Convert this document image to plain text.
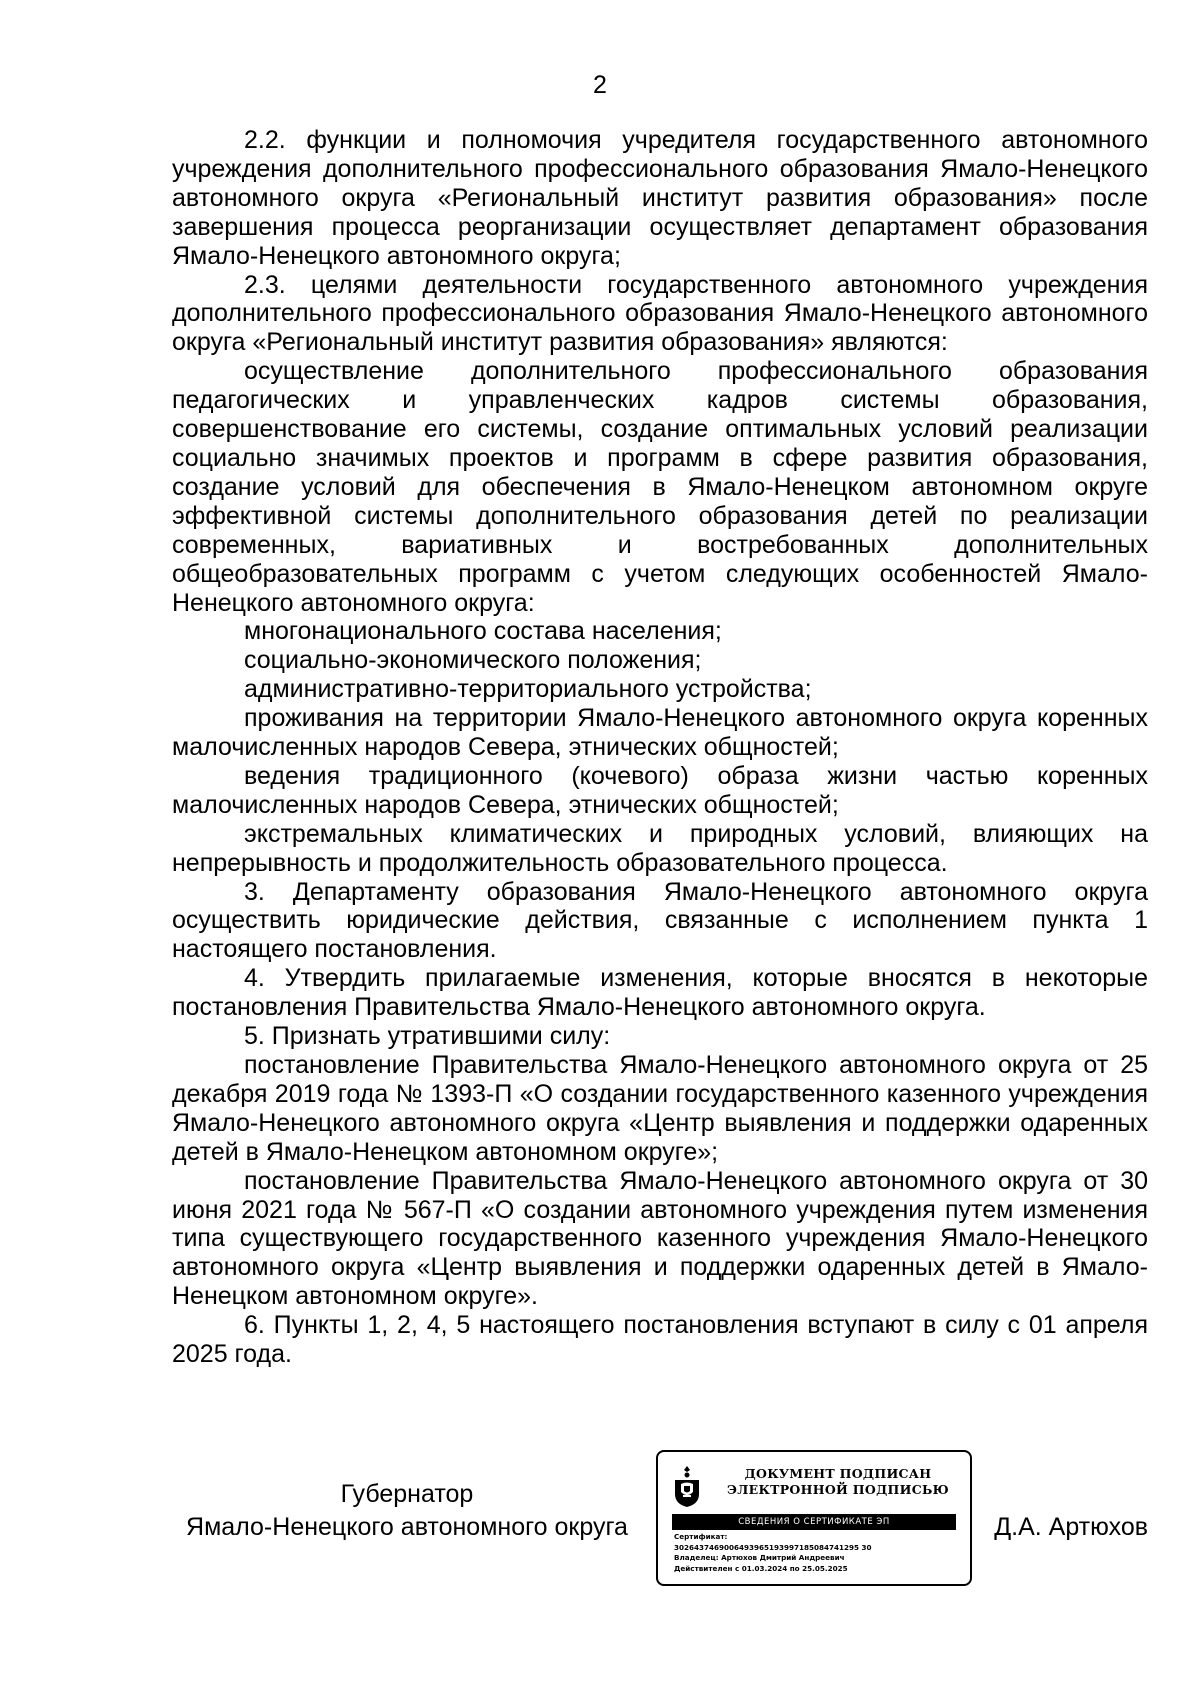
2

2.2. функции и полномочия учредителя государственного автономного учреждения дополнительного профессионального образования Ямало-Ненецкого автономного округа «Региональный институт развития образования» после завершения процесса реорганизации осуществляет департамент образования Ямало-Ненецкого автономного округа;

2.3. целями деятельности государственного автономного учреждения дополнительного профессионального образования Ямало-Ненецкого автономного округа «Региональный институт развития образования» являются:

осуществление дополнительного профессионального образования педагогических и управленческих кадров системы образования, совершенствование его системы, создание оптимальных условий реализации социально значимых проектов и программ в сфере развития образования, создание условий для обеспечения в Ямало-Ненецком автономном округе эффективной системы дополнительного образования детей по реализации современных, вариативных и востребованных дополнительных общеобразовательных программ с учетом следующих особенностей Ямало-Ненецкого автономного округа:

многонационального состава населения;

социально-экономического положения;

административно-территориального устройства;

проживания на территории Ямало-Ненецкого автономного округа коренных малочисленных народов Севера, этнических общностей;

ведения традиционного (кочевого) образа жизни частью коренных малочисленных народов Севера, этнических общностей;

экстремальных климатических и природных условий, влияющих на непрерывность и продолжительность образовательного процесса.

3. Департаменту образования Ямало-Ненецкого автономного округа осуществить юридические действия, связанные с исполнением пункта 1 настоящего постановления.

4. Утвердить прилагаемые изменения, которые вносятся в некоторые постановления Правительства Ямало-Ненецкого автономного округа.

5. Признать утратившими силу:

постановление Правительства Ямало-Ненецкого автономного округа от 25 декабря 2019 года № 1393-П «О создании государственного казенного учреждения Ямало-Ненецкого автономного округа «Центр выявления и поддержки одаренных детей в Ямало-Ненецком автономном округе»;

постановление Правительства Ямало-Ненецкого автономного округа от 30 июня 2021 года № 567-П «О создании автономного учреждения путем изменения типа существующего государственного казенного учреждения Ямало-Ненецкого автономного округа «Центр выявления и поддержки одаренных детей в Ямало-Ненецком автономном округе».

6. Пункты 1, 2, 4, 5 настоящего постановления вступают в силу с 01 апреля 2025 года.

Губернатор
Ямало-Ненецкого автономного округа
ДОКУМЕНТ ПОДПИСАН
ЭЛЕКТРОННОЙ ПОДПИСЬЮ
СВЕДЕНИЯ О СЕРТИФИКАТЕ ЭП
Сертификат:
3026437469006493965193997185084741295 30
Владелец: Артюхов Дмитрий Андреевич
Действителен с 01.03.2024 по 25.05.2025
Д.А. Артюхов
